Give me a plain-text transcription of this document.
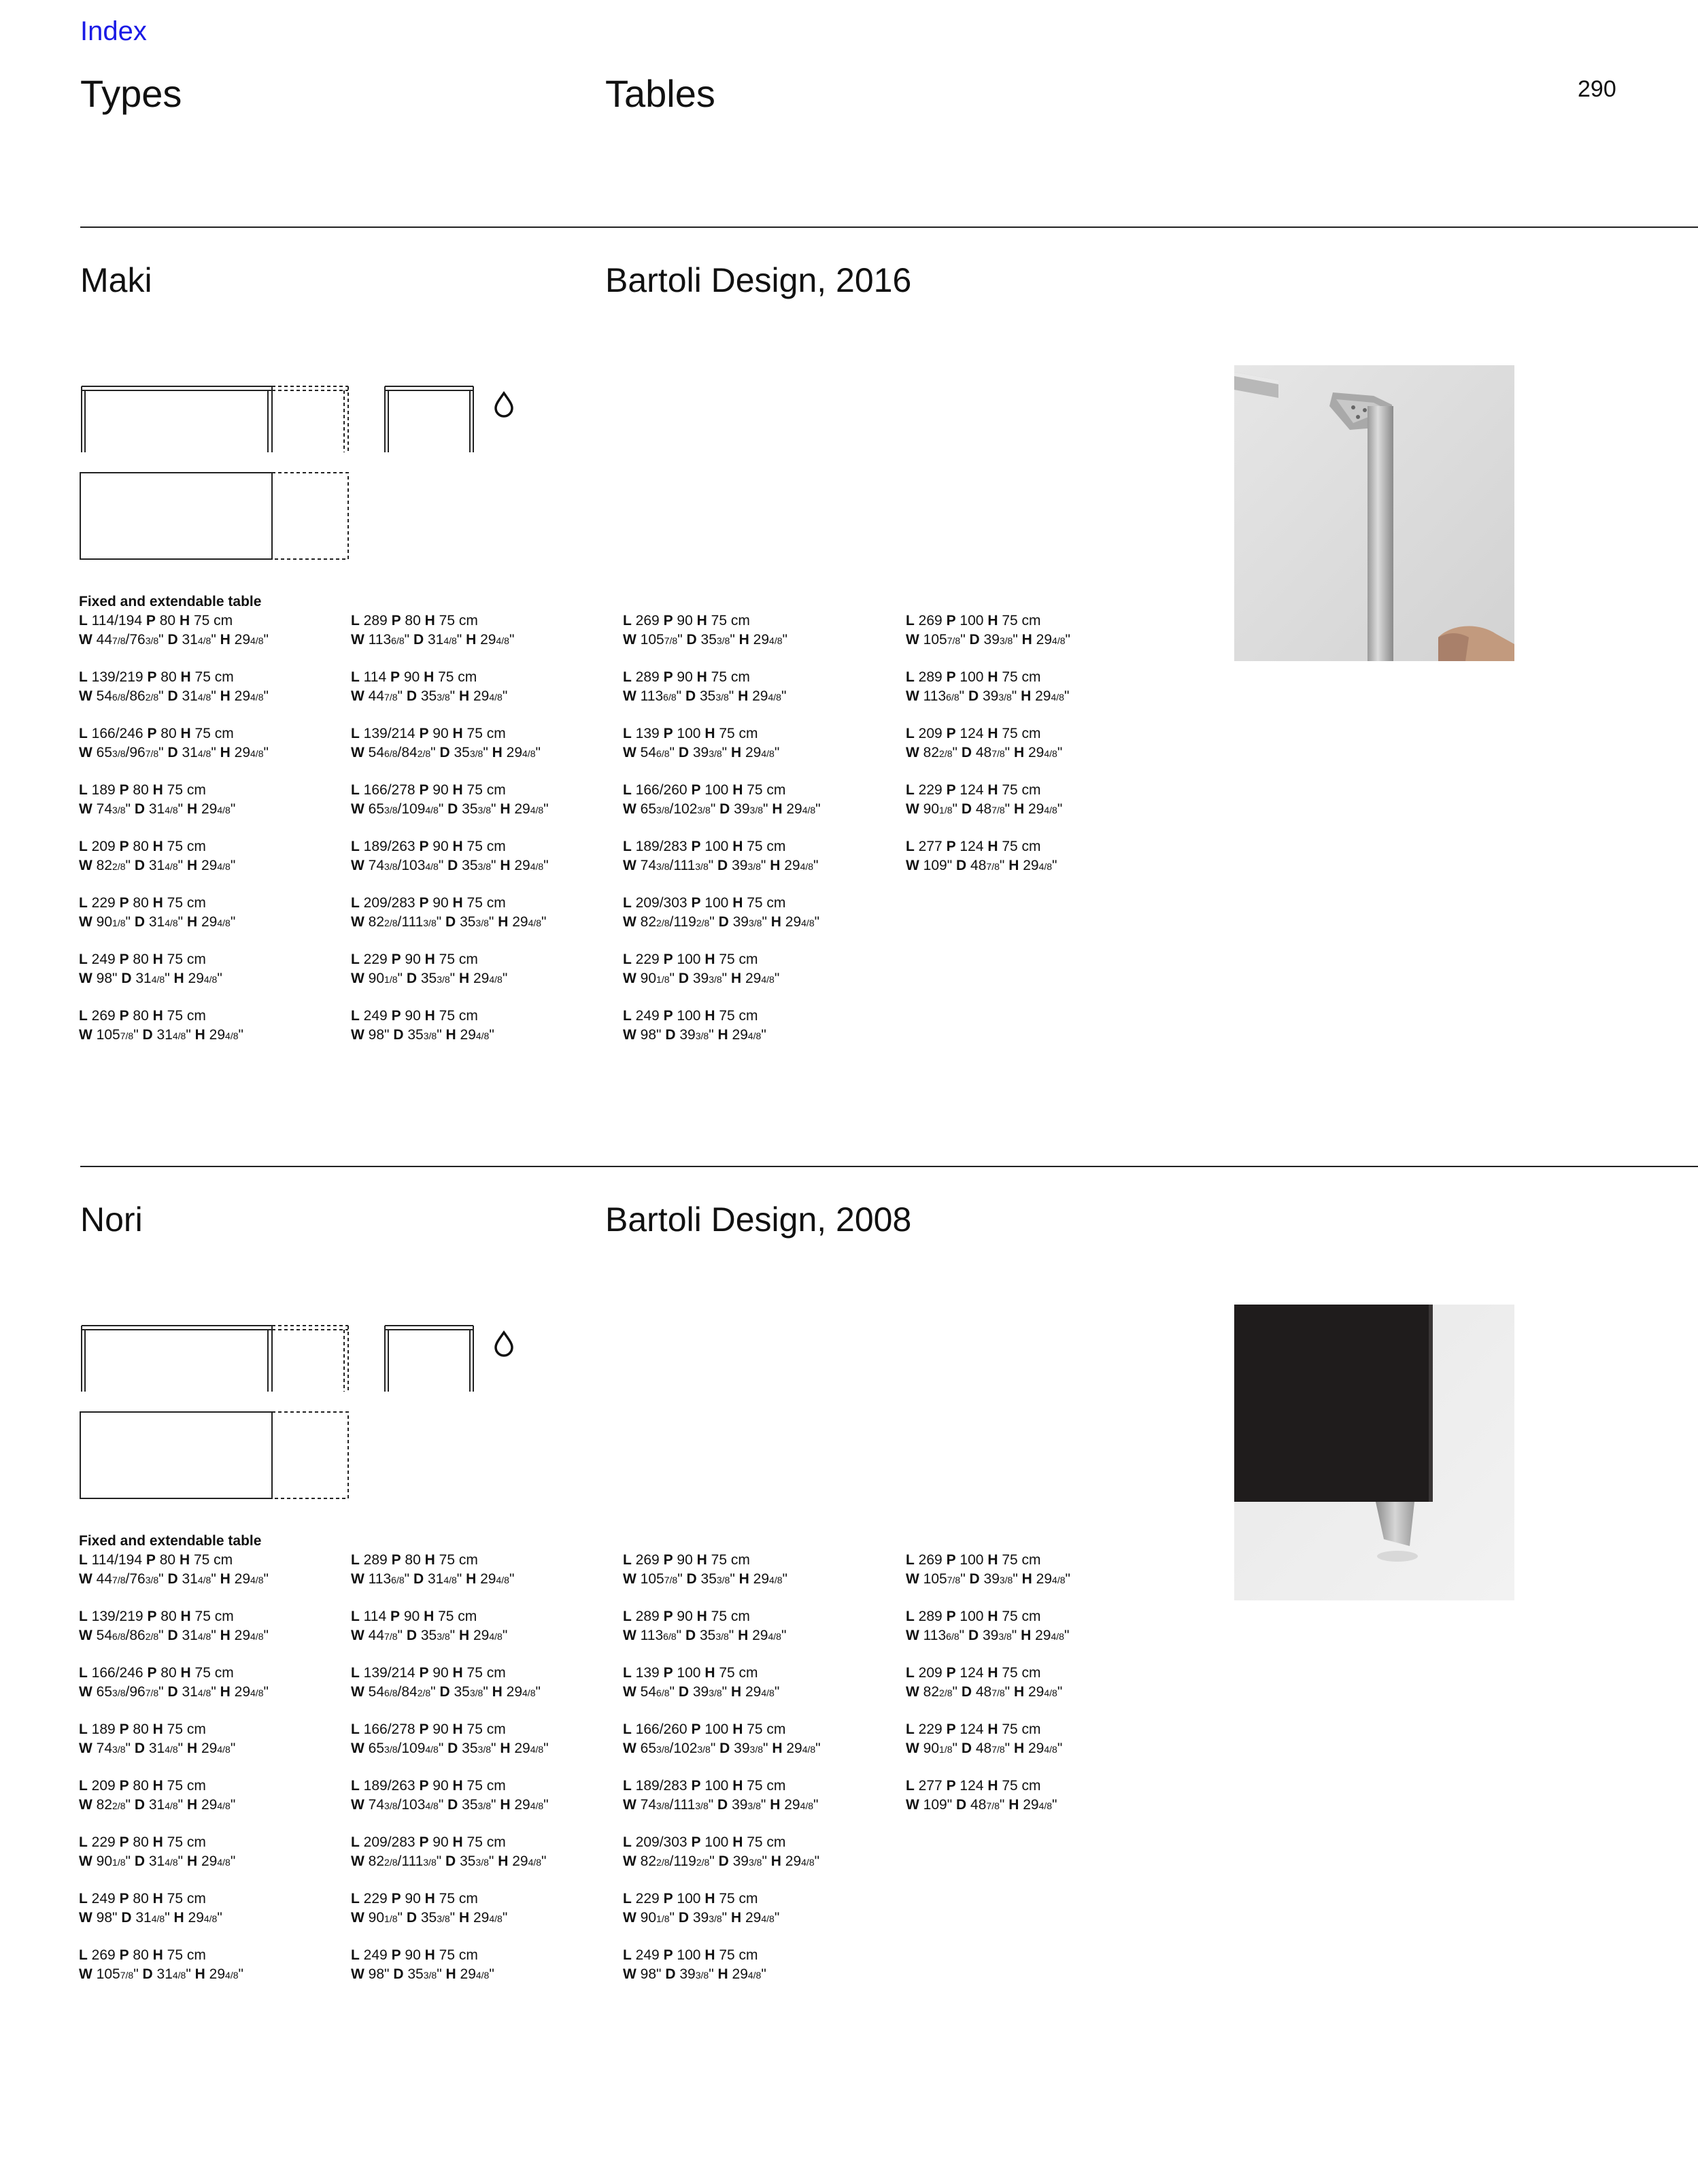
Index
Types	Tables	290
Maki	Bartoli Design, 2016
Fixed and extendable table
L 114/194 P 80 H 75 cm
W 447/8/763/8" D 314/8" H 294/8"
L 139/219 P 80 H 75 cm
W 546/8/862/8" D 314/8" H 294/8"
L 166/246 P 80 H 75 cm
W 653/8/967/8" D 314/8" H 294/8"
L 189 P 80 H 75 cm
W 743/8" D 314/8" H 294/8"
L 209 P 80 H 75 cm
W 822/8" D 314/8" H 294/8"
L 229 P 80 H 75 cm
W 901/8" D 314/8" H 294/8"
L 249 P 80 H 75 cm
W 98" D 314/8" H 294/8"
L 269 P 80 H 75 cm
W 1057/8" D 314/8" H 294/8"
L 289 P 80 H 75 cm
W 1136/8" D 314/8" H 294/8"
L 114 P 90 H 75 cm
W 447/8" D 353/8" H 294/8"
L 139/214 P 90 H 75 cm
W 546/8/842/8" D 353/8" H 294/8"
L 166/278 P 90 H 75 cm
W 653/8/1094/8" D 353/8" H 294/8"
L 189/263 P 90 H 75 cm
W 743/8/1034/8" D 353/8" H 294/8"
L 209/283 P 90 H 75 cm
W 822/8/1113/8" D 353/8" H 294/8"
L 229 P 90 H 75 cm
W 901/8" D 353/8" H 294/8"
L 249 P 90 H 75 cm
W 98" D 353/8" H 294/8"
L 269 P 90 H 75 cm
W 1057/8" D 353/8" H 294/8"
L 289 P 90 H 75 cm
W 1136/8" D 353/8" H 294/8"
L 139 P 100 H 75 cm
W 546/8" D 393/8" H 294/8"
L 166/260 P 100 H 75 cm
W 653/8/1023/8" D 393/8" H 294/8"
L 189/283 P 100 H 75 cm
W 743/8/1113/8" D 393/8" H 294/8"
L 209/303 P 100 H 75 cm
W 822/8/1192/8" D 393/8" H 294/8"
L 229 P 100 H 75 cm
W 901/8" D 393/8" H 294/8"
L 249 P 100 H 75 cm
W 98" D 393/8" H 294/8"
L 269 P 100 H 75 cm
W 1057/8" D 393/8" H 294/8"
L 289 P 100 H 75 cm
W 1136/8" D 393/8" H 294/8"
L 209 P 124 H 75 cm
W 822/8" D 487/8" H 294/8"
L 229 P 124 H 75 cm
W 901/8" D 487/8" H 294/8"
L 277 P 124 H 75 cm
W 109" D 487/8" H 294/8"
Nori	Bartoli Design, 2008
Fixed and extendable table
L 114/194 P 80 H 75 cm
W 447/8/763/8" D 314/8" H 294/8"
L 139/219 P 80 H 75 cm
W 546/8/862/8" D 314/8" H 294/8"
L 166/246 P 80 H 75 cm
W 653/8/967/8" D 314/8" H 294/8"
L 189 P 80 H 75 cm
W 743/8" D 314/8" H 294/8"
L 209 P 80 H 75 cm
W 822/8" D 314/8" H 294/8"
L 229 P 80 H 75 cm
W 901/8" D 314/8" H 294/8"
L 249 P 80 H 75 cm
W 98" D 314/8" H 294/8"
L 269 P 80 H 75 cm
W 1057/8" D 314/8" H 294/8"
L 289 P 80 H 75 cm
W 1136/8" D 314/8" H 294/8"
L 114 P 90 H 75 cm
W 447/8" D 353/8" H 294/8"
L 139/214 P 90 H 75 cm
W 546/8/842/8" D 353/8" H 294/8"
L 166/278 P 90 H 75 cm
W 653/8/1094/8" D 353/8" H 294/8"
L 189/263 P 90 H 75 cm
W 743/8/1034/8" D 353/8" H 294/8"
L 209/283 P 90 H 75 cm
W 822/8/1113/8" D 353/8" H 294/8"
L 229 P 90 H 75 cm
W 901/8" D 353/8" H 294/8"
L 249 P 90 H 75 cm
W 98" D 353/8" H 294/8"
L 269 P 90 H 75 cm
W 1057/8" D 353/8" H 294/8"
L 289 P 90 H 75 cm
W 1136/8" D 353/8" H 294/8"
L 139 P 100 H 75 cm
W 546/8" D 393/8" H 294/8"
L 166/260 P 100 H 75 cm
W 653/8/1023/8" D 393/8" H 294/8"
L 189/283 P 100 H 75 cm
W 743/8/1113/8" D 393/8" H 294/8"
L 209/303 P 100 H 75 cm
W 822/8/1192/8" D 393/8" H 294/8"
L 229 P 100 H 75 cm
W 901/8" D 393/8" H 294/8"
L 249 P 100 H 75 cm
W 98" D 393/8" H 294/8"
L 269 P 100 H 75 cm
W 1057/8" D 393/8" H 294/8"
L 289 P 100 H 75 cm
W 1136/8" D 393/8" H 294/8"
L 209 P 124 H 75 cm
W 822/8" D 487/8" H 294/8"
L 229 P 124 H 75 cm
W 901/8" D 487/8" H 294/8"
L 277 P 124 H 75 cm
W 109" D 487/8" H 294/8"
